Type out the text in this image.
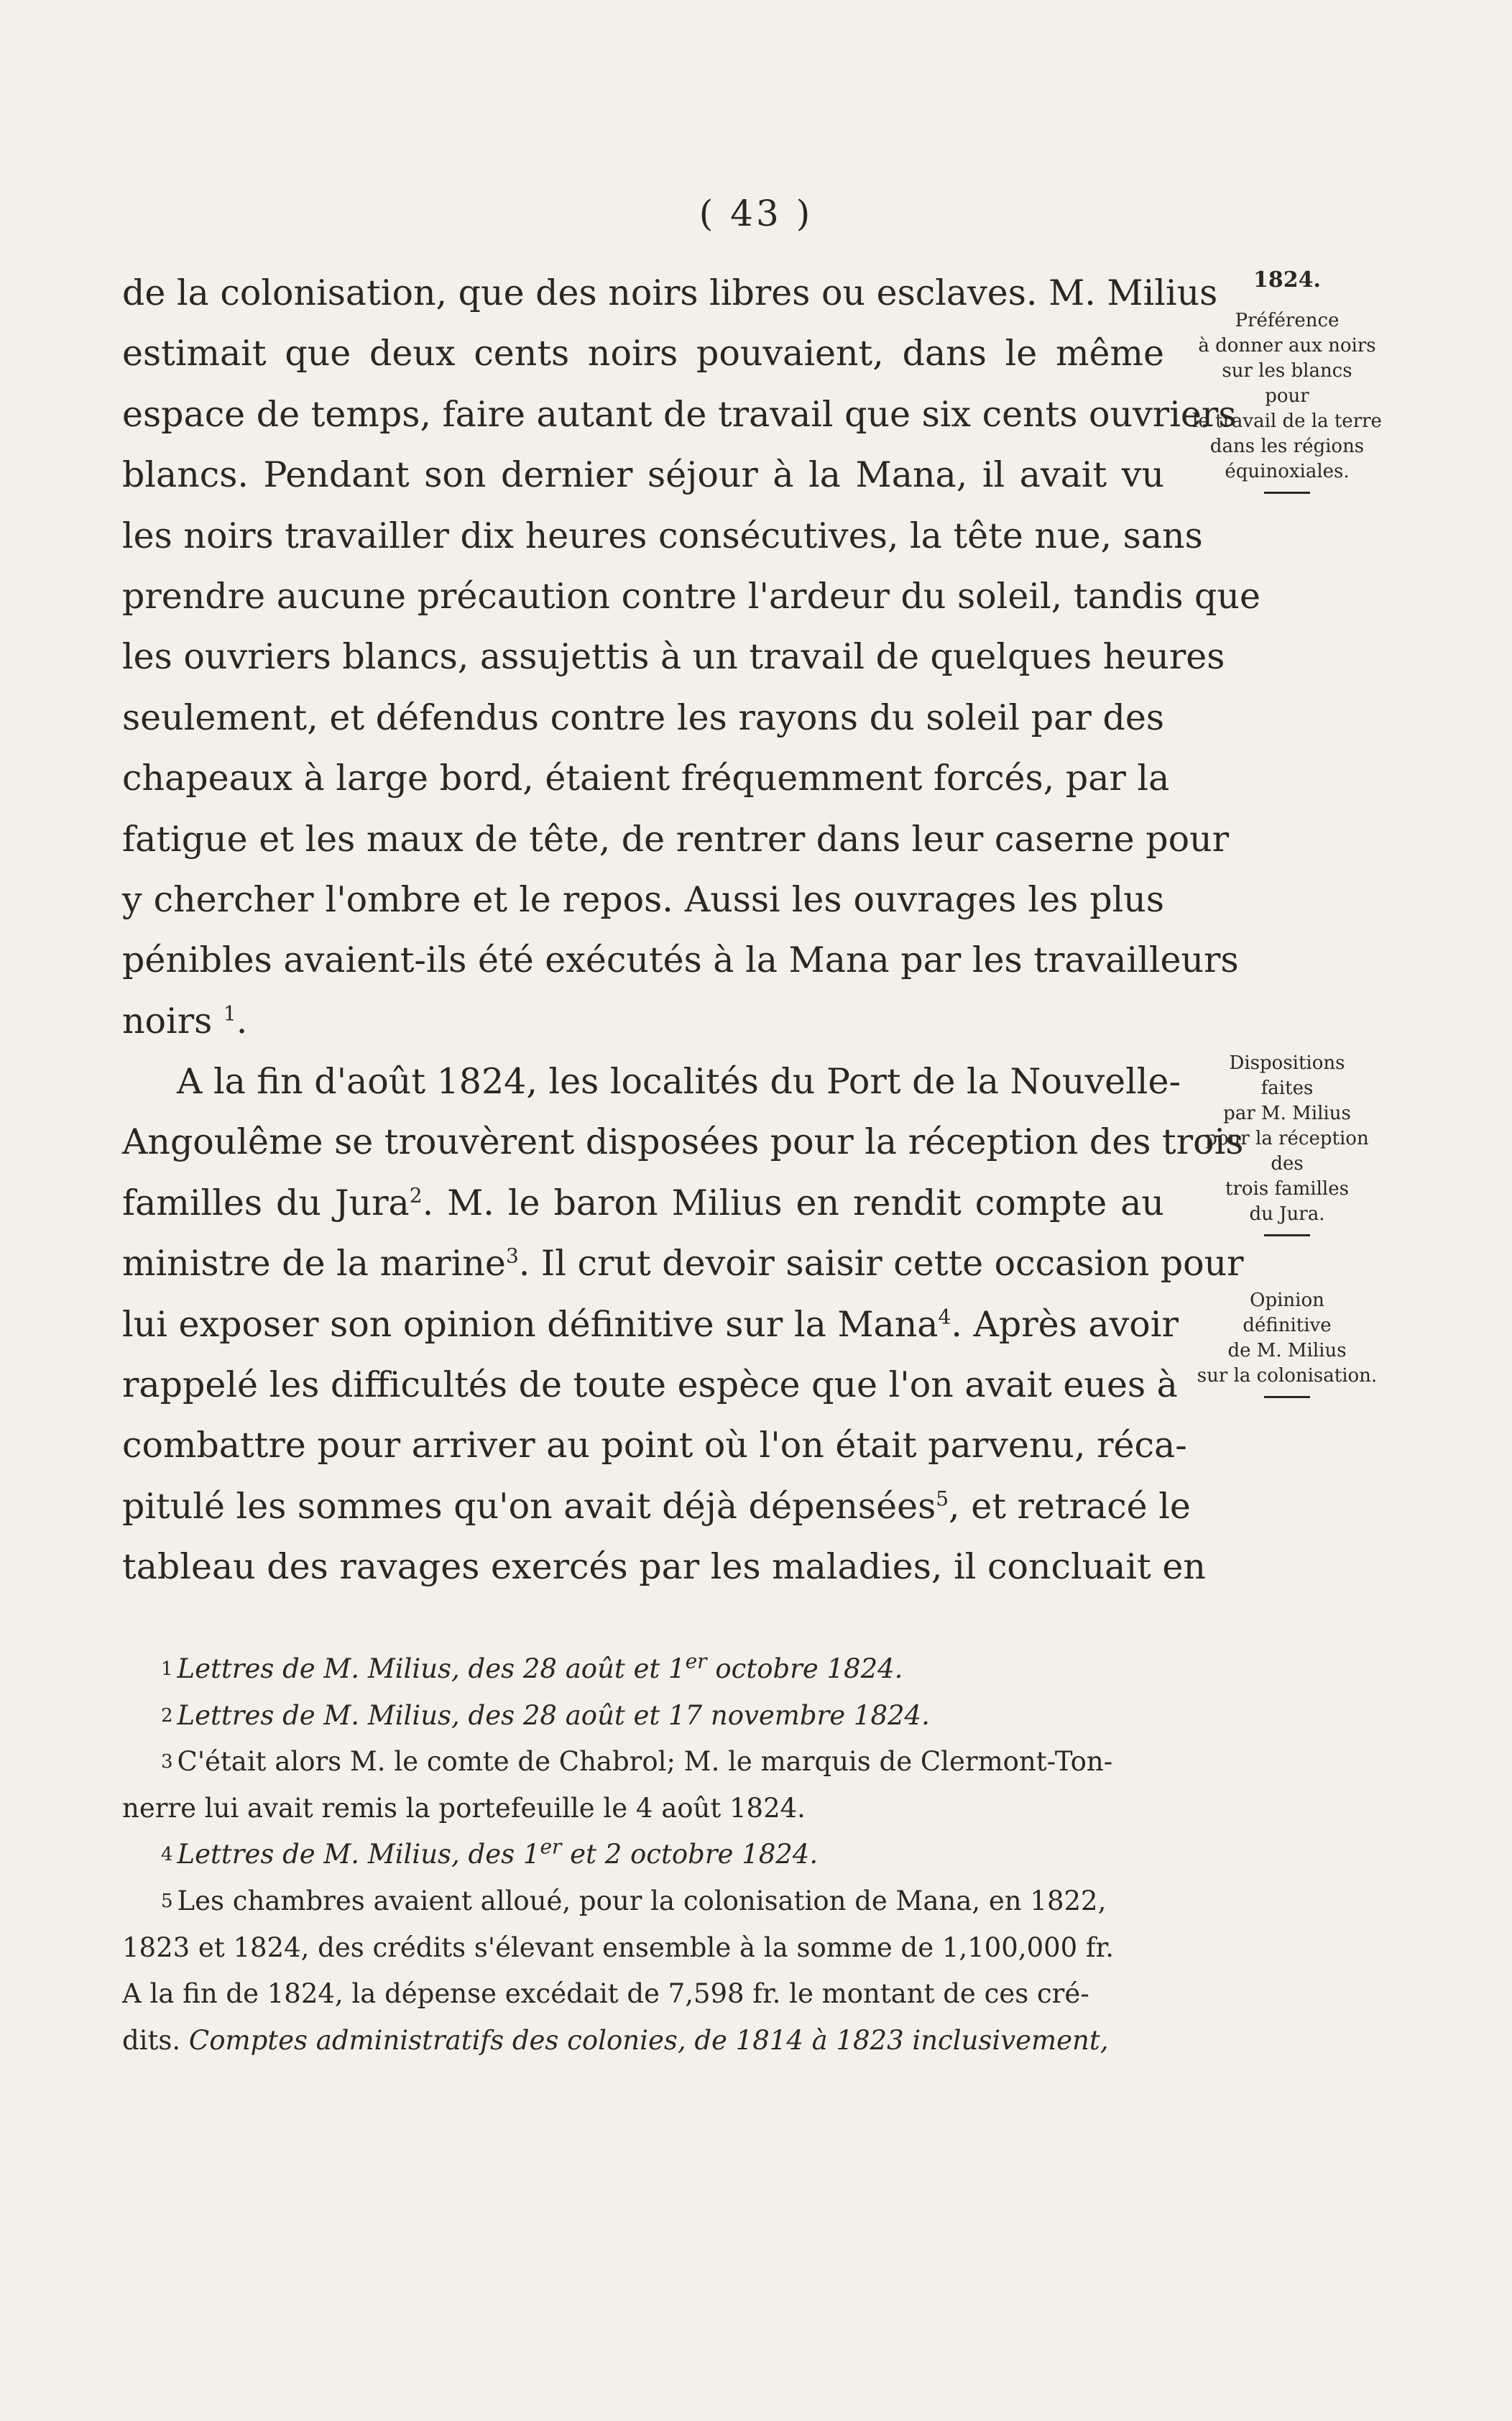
( 43 )
de la colonisation, que des noirs libres ou esclaves. M. Milius
estimait que deux cents noirs pouvaient, dans le même
espace de temps, faire autant de travail que six cents ouvriers
blancs. Pendant son dernier séjour à la Mana, il avait vu
les noirs travailler dix heures consécutives, la tête nue, sans
prendre aucune précaution contre l'ardeur du soleil, tandis que
les ouvriers blancs, assujettis à un travail de quelques heures
seulement, et défendus contre les rayons du soleil par des
chapeaux à large bord, étaient fréquemment forcés, par la
fatigue et les maux de tête, de rentrer dans leur caserne pour
y chercher l'ombre et le repos. Aussi les ouvrages les plus
pénibles avaient-ils été exécutés à la Mana par les travailleurs
noirs $^1$.
A la fin d'août 1824, les localités du Port de la Nouvelle-
Angoulême se trouvèrent disposées pour la réception des trois
familles du Jura$^2$. M. le baron Milius en rendit compte au
ministre de la marine$^3$. Il crut devoir saisir cette occasion pour
lui exposer son opinion définitive sur la Mana$^4$. Après avoir
rappelé les difficultés de toute espèce que l'on avait eues à
combattre pour arriver au point où l'on était parvenu, réca-
pitulé les sommes qu'on avait déjà dépensées$^5$, et retracé le
tableau des ravages exercés par les maladies, il concluait en
1824.
Préférence
à donner aux noirs
sur les blancs
pour
le travail de la terre
dans les régions
équinoxiales.
Dispositions
faites
par M. Milius
pour la réception
des
trois familles
du Jura.
Opinion
définitive
de M. Milius
sur la colonisation.
$^1$ Lettres de M. Milius, des 28 août et 1er octobre 1824.
$^2$ Lettres de M. Milius, des 28 août et 17 novembre 1824.
$^3$ C'était alors M. le comte de Chabrol; M. le marquis de Clermont-Ton-
nerre lui avait remis la portefeuille le 4 août 1824.
$^4$ Lettres de M. Milius, des 1er et 2 octobre 1824.
$^5$ Les chambres avaient alloué, pour la colonisation de Mana, en 1822,
1823 et 1824, des crédits s'élevant ensemble à la somme de 1,100,000 fr.
A la fin de 1824, la dépense excédait de 7,598 fr. le montant de ces cré-
dits. Comptes administratifs des colonies, de 1814 à 1823 inclusivement,
